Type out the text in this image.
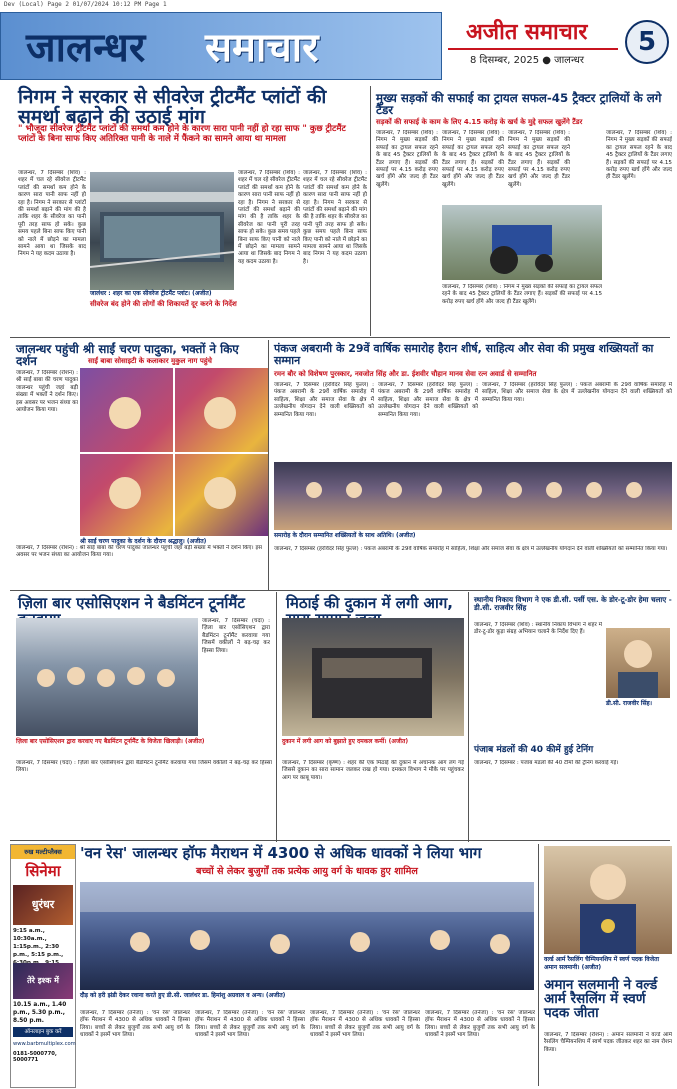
Dev (Local) Page 2 01/07/2024 10:12 PM Page 1
जालन्धर समाचार	अजीत समाचार
8 दिसम्बर, 2025 ● जालन्धर
5
निगम ने सरकार से सीवरेज ट्रीटमैंट प्लांटों की समर्था बढ़ाने की उठाई मांग
" भौजूदा सीवरेज ट्रीटमैंट प्लांटों की समर्था कम होने के कारण सारा पानी नहीं हो रहा साफ " कुछ ट्रीटमैंट प्लांटों के बिना साफ किए अतिरिक्त पानी के नाले में फैंकने का सामने आया था मामला
जालन्धर, 7 दिसम्बर (शिव) : शहर में चल रहे सीवरेज ट्रीटमैंट प्लांटों की समर्था कम होने के कारण सारा पानी साफ नहीं हो रहा है। निगम ने सरकार से प्लांटों की समर्था बढ़ाने की मांग की है ताकि शहर के सीवरेज का पानी पूरी तरह साफ हो सके। कुछ समय पहले बिना साफ किए पानी को नाले में छोड़ने का मामला सामने आया था जिसके बाद निगम ने यह कदम उठाया है।
जालंधर : शहर का एक सीवरेज ट्रीटमैंट प्लांट। (अजीत)
जालन्धर, 7 दिसम्बर (शिव) : शहर में चल रहे सीवरेज ट्रीटमैंट प्लांटों की समर्था कम होने के कारण सारा पानी साफ नहीं हो रहा है। निगम ने सरकार से प्लांटों की समर्था बढ़ाने की मांग की है ताकि शहर के सीवरेज का पानी पूरी तरह साफ हो सके। कुछ समय पहले बिना साफ किए पानी को नाले में छोड़ने का मामला सामने आया था जिसके बाद निगम ने यह कदम उठाया है।
जालन्धर, 7 दिसम्बर (शिव) : शहर में चल रहे सीवरेज ट्रीटमैंट प्लांटों की समर्था कम होने के कारण सारा पानी साफ नहीं हो रहा है। निगम ने सरकार से प्लांटों की समर्था बढ़ाने की मांग की है ताकि शहर के सीवरेज का पानी पूरी तरह साफ हो सके। कुछ समय पहले बिना साफ किए पानी को नाले में छोड़ने का मामला सामने आया था जिसके बाद निगम ने यह कदम उठाया है।
सीवरेज बंद होने की लोगों की शिकायतें दूर करने के निर्देश
मुख्य सड़कों की सफाई का ट्रायल सफल-45 ट्रैक्टर ट्रालियों के लगे टैंडर
सड़कों की सफाई के काम के लिए 4.15 करोड़ के खर्च के मुद्दे सफल खुलेंगे टैंडर
जालन्धर, 7 दिसम्बर (शिव) : निगम ने मुख्य सड़कों की सफाई का ट्रायल सफल रहने के बाद 45 ट्रैक्टर ट्रालियों के टैंडर लगाए हैं। सड़कों की सफाई पर 4.15 करोड़ रुपए खर्च होंगे और जल्द ही टैंडर खुलेंगे।
जालन्धर, 7 दिसम्बर (शिव) : निगम ने मुख्य सड़कों की सफाई का ट्रायल सफल रहने के बाद 45 ट्रैक्टर ट्रालियों के टैंडर लगाए हैं। सड़कों की सफाई पर 4.15 करोड़ रुपए खर्च होंगे और जल्द ही टैंडर खुलेंगे।
जालन्धर, 7 दिसम्बर (शिव) : निगम ने मुख्य सड़कों की सफाई का ट्रायल सफल रहने के बाद 45 ट्रैक्टर ट्रालियों के टैंडर लगाए हैं। सड़कों की सफाई पर 4.15 करोड़ रुपए खर्च होंगे और जल्द ही टैंडर खुलेंगे।
जालन्धर, 7 दिसम्बर (शिव) : निगम ने मुख्य सड़कों की सफाई का ट्रायल सफल रहने के बाद 45 ट्रैक्टर ट्रालियों के टैंडर लगाए हैं। सड़कों की सफाई पर 4.15 करोड़ रुपए खर्च होंगे और जल्द ही टैंडर खुलेंगे।
जालन्धर, 7 दिसम्बर (शिव) : निगम ने मुख्य सड़कों की सफाई का ट्रायल सफल रहने के बाद 45 ट्रैक्टर ट्रालियों के टैंडर लगाए हैं। सड़कों की सफाई पर 4.15 करोड़ रुपए खर्च होंगे और जल्द ही टैंडर खुलेंगे।
जालन्धर पहुंची श्री साईं चरण पादुका, भक्तों ने किए दर्शन	साईं बाबा सोसाइटी के कलाकार मुकुल नाग पहुंचे
जालन्धर, 7 दिसम्बर (रोशन) : श्री साईं बाबा की चरण पादुका जालन्धर पहुंची जहां बड़ी संख्या में भक्तों ने दर्शन किए। इस अवसर पर भजन संध्या का आयोजन किया गया।
श्री साईं चरण पादुका के दर्शन के दौरान श्रद्धालु। (अजीत)
जालन्धर, 7 दिसम्बर (रोशन) : श्री साईं बाबा की चरण पादुका जालन्धर पहुंची जहां बड़ी संख्या में भक्तों ने दर्शन किए। इस अवसर पर भजन संध्या का आयोजन किया गया।
पंकज अबरामी के 29वें वार्षिक समारोह हैरान शीर्ष, साहित्य और सेवा की प्रमुख शख्सियतों का सम्मान
रमन बौर को विशेषण पुरस्कार, नवजोत सिंह और डा. ईशवीर चौहान मानव सेवा रत्न अवार्ड से सम्मानित
जालन्धर, 7 दिसम्बर (हरविंदर सिंह फुल्ल) : पंकज अबरामी के 29वें वार्षिक समारोह में साहित्य, शिक्षा और समाज सेवा के क्षेत्र में उल्लेखनीय योगदान देने वाली शख्सियतों को सम्मानित किया गया।
जालन्धर, 7 दिसम्बर (हरविंदर सिंह फुल्ल) : पंकज अबरामी के 29वें वार्षिक समारोह में साहित्य, शिक्षा और समाज सेवा के क्षेत्र में उल्लेखनीय योगदान देने वाली शख्सियतों को सम्मानित किया गया।
जालन्धर, 7 दिसम्बर (हरविंदर सिंह फुल्ल) : पंकज अबरामी के 29वें वार्षिक समारोह में साहित्य, शिक्षा और समाज सेवा के क्षेत्र में उल्लेखनीय योगदान देने वाली शख्सियतों को सम्मानित किया गया।
समारोह के दौरान सम्मानित शख्सियतों के साथ अतिथि। (अजीत)
जालन्धर, 7 दिसम्बर (हरविंदर सिंह फुल्ल) : पंकज अबरामी के 29वें वार्षिक समारोह में साहित्य, शिक्षा और समाज सेवा के क्षेत्र में उल्लेखनीय योगदान देने वाली शख्सियतों को सम्मानित किया गया।
ज़िला बार एसोसिएशन ने बैडमिंटन टूर्नामैंट
जालन्धर, 7 दिसम्बर (चंदा) : ज़िला बार एसोसिएशन द्वारा बैडमिंटन टूर्नामैंट करवाया गया जिसमें वकीलों ने बढ़-चढ़ कर हिस्सा लिया।
ज़िला बार एसोसिएशन द्वारा करवाए गए बैडमिंटन टूर्नामैंट के विजेता खिलाड़ी। (अजीत)
जालन्धर, 7 दिसम्बर (चंदा) : ज़िला बार एसोसिएशन द्वारा बैडमिंटन टूर्नामैंट करवाया गया जिसमें वकीलों ने बढ़-चढ़ कर हिस्सा लिया।
मिठाई की दुकान में लगी आग,
दुकान में लगी आग को बुझाते हुए दमकल कर्मी। (अजीत)
जालन्धर, 7 दिसम्बर (कृष्ण) : शहर की एक मिठाई की दुकान में अचानक आग लग गई जिससे दुकान का सारा सामान जलकर राख हो गया। दमकल विभाग ने मौके पर पहुंचकर आग पर काबू पाया।
स्थानीय निकाय विभाग ने एक डी.सी. पर्सी एस. के डोर-टू-डोर हेमा चलाए - डी.सी. राजवीर सिंह
जालन्धर, 7 दिसम्बर (शिव) : स्थानीय निकाय विभाग ने शहर में डोर-टू-डोर कूड़ा संग्रह अभियान चलाने के निर्देश दिए हैं।
डी.सी. राजवीर सिंह।
पंजाब मंडलों की 40 कीमें हुई टेनिंग
जालन्धर, 7 दिसम्बर : पंजाब मंडलों की 40 टीमों की ट्रेनिंग करवाई गई।
रुख मल्टीप्लैक्स
सिनेमा
धुरंधर
9:15 a.m., 10:30a.m., 1:15p.m., 2:30 p.m., 5:15 p.m.,
तेरे इश्क में
10.15 a.m., 1.40 p.m., 5.30 p.m., 8.50 p.m.
ऑनलाइन बुक करें
www.barbmultiplex.com
0181-5000770, 5000771
'वन रेस' जालन्धर हॉफ मैराथन में 4300 से अधिक धावकों ने लिया भाग
बच्चों से लेकर बुजुर्गों तक प्रत्येक आयु वर्ग के धावक हुए शामिल
दौड़ को हरी झंडी देकर रवाना करते हुए डी.सी. जालंधर डा. हिमांशु अग्रवाल व अन्य। (अजीत)
जालन्धर, 7 दिसम्बर (तनेजा) : 'वन रेस' जालन्धर हॉफ मैराथन में 4300 से अधिक धावकों ने हिस्सा लिया। बच्चों से लेकर बुजुर्गों तक सभी आयु वर्ग के धावकों ने इसमें भाग लिया।
जालन्धर, 7 दिसम्बर (तनेजा) : 'वन रेस' जालन्धर हॉफ मैराथन में 4300 से अधिक धावकों ने हिस्सा लिया। बच्चों से लेकर बुजुर्गों तक सभी आयु वर्ग के धावकों ने इसमें भाग लिया।
जालन्धर, 7 दिसम्बर (तनेजा) : 'वन रेस' जालन्धर हॉफ मैराथन में 4300 से अधिक धावकों ने हिस्सा लिया। बच्चों से लेकर बुजुर्गों तक सभी आयु वर्ग के धावकों ने इसमें भाग लिया।
जालन्धर, 7 दिसम्बर (तनेजा) : 'वन रेस' जालन्धर हॉफ मैराथन में 4300 से अधिक धावकों ने हिस्सा लिया। बच्चों से लेकर बुजुर्गों तक सभी आयु वर्ग के धावकों ने इसमें भाग लिया।
वर्ल्ड आर्म रैसलिंग चैम्पियनशिप में स्वर्ण पदक विजेता अमान सलमानी। (अजीत)
अमान सलमानी ने वर्ल्ड आर्म रैसलिंग में स्वर्ण पदक जीता
जालन्धर, 7 दिसम्बर (रोशन) : अमान सलमानी ने वर्ल्ड आर्म रैसलिंग चैम्पियनशिप में स्वर्ण पदक जीतकर शहर का नाम रोशन किया।
